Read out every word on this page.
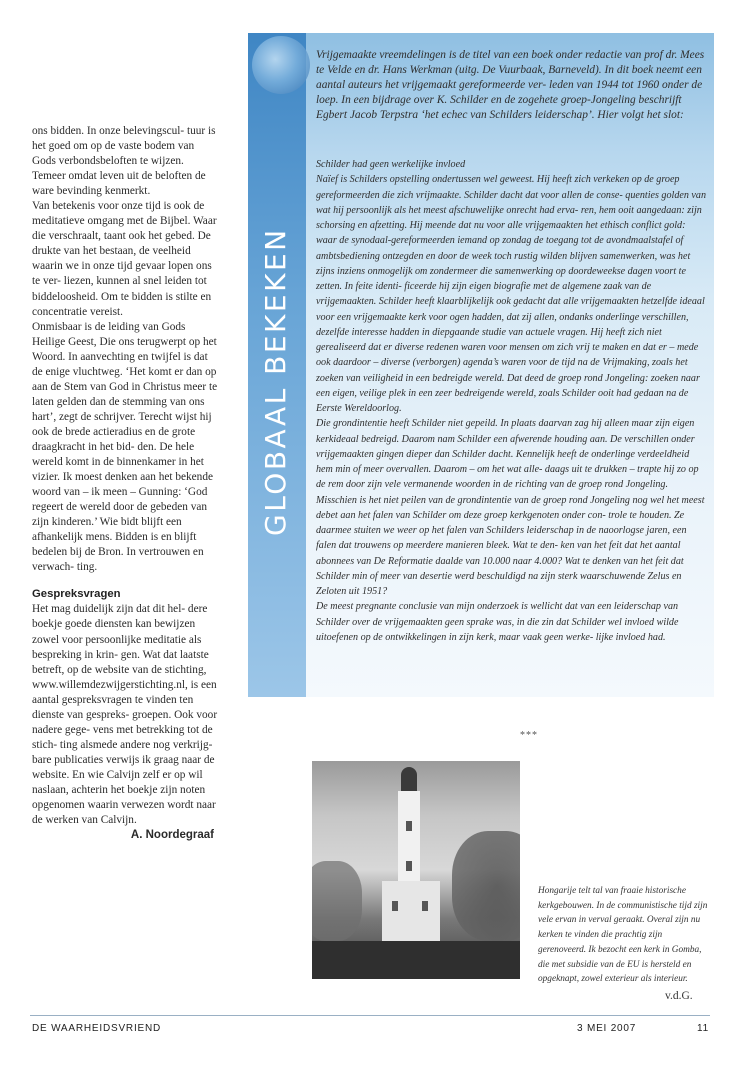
ons bidden. In onze belevingscul- tuur is het goed om op de vaste bodem van Gods verbondsbeloften te wijzen. Temeer omdat leven uit de beloften de ware bevinding kenmerkt.

Van betekenis voor onze tijd is ook de meditatieve omgang met de Bijbel. Waar die verschraalt, taant ook het gebed. De drukte van het bestaan, de veelheid waarin we in onze tijd gevaar lopen ons te ver- liezen, kunnen al snel leiden tot biddeloosheid. Om te bidden is stilte en concentratie vereist.

Onmisbaar is de leiding van Gods Heilige Geest, Die ons terugwerpt op het Woord. In aanvechting en twijfel is dat de enige vluchtweg. ‘Het komt er dan op aan de Stem van God in Christus meer te laten gelden dan de stemming van ons hart’, zegt de schrijver. Terecht wijst hij ook de brede actieradius en de grote draagkracht in het bid- den. De hele wereld komt in de binnenkamer in het vizier. Ik moest denken aan het bekende woord van – ik meen – Gunning: ‘God regeert de wereld door de gebeden van zijn kinderen.’ Wie bidt blijft een afhankelijk mens. Bidden is en blijft bedelen bij de Bron. In vertrouwen en verwach- ting.

Gespreksvragen

Het mag duidelijk zijn dat dit hel- dere boekje goede diensten kan bewijzen zowel voor persoonlijke meditatie als bespreking in krin- gen. Wat dat laatste betreft, op de website van de stichting, www.willemdezwijgerstichting.nl, is een aantal gespreksvragen te vinden ten dienste van gespreks- groepen. Ook voor nadere gege- vens met betrekking tot de stich- ting alsmede andere nog verkrijg- bare publicaties verwijs ik graag naar de website. En wie Calvijn zelf er op wil naslaan, achterin het boekje zijn noten opgenomen waarin verwezen wordt naar de werken van Calvijn.

A. Noordegraaf

GLOBAAL BEKEKEN

Vrijgemaakte vreemdelingen is de titel van een boek onder redactie van prof dr. Mees te Velde en dr. Hans Werkman (uitg. De Vuurbaak, Barneveld). In dit boek neemt een aantal auteurs het vrijgemaakt gereformeerde ver- leden van 1944 tot 1960 onder de loep. In een bijdrage over K. Schilder en de zogehete groep-Jongeling beschrijft Egbert Jacob Terpstra ‘het echec van Schilders leiderschap’. Hier volgt het slot:

Schilder had geen werkelijke invloed

Naïef is Schilders opstelling ondertussen wel geweest. Hij heeft zich verkeken op de groep gereformeerden die zich vrijmaakte. Schilder dacht dat voor allen de conse- quenties golden van wat hij persoonlijk als het meest afschuwelijke onrecht had erva- ren, hem ooit aangedaan: zijn schorsing en afzetting. Hij meende dat nu voor alle vrijgemaakten het ethisch conflict gold: waar de synodaal-gereformeerden iemand op zondag de toegang tot de avondmaalstafel of ambtsbediening ontzegden en door de week toch rustig wilden blijven samenwerken, was het zijns inziens onmogelijk om zondermeer die samenwerking op doordeweekse dagen voort te zetten. In feite identi- ficeerde hij zijn eigen biografie met de algemene zaak van de vrijgemaakten. Schilder heeft klaarblijkelijk ook gedacht dat alle vrijgemaakten hetzelfde ideaal voor een vrijgemaakte kerk voor ogen hadden, dat zij allen, ondanks onderlinge verschillen, dezelfde interesse hadden in diepgaande studie van actuele vragen. Hij heeft zich niet gerealiseerd dat er diverse redenen waren voor mensen om zich vrij te maken en dat er – mede ook daardoor – diverse (verborgen) agenda’s waren voor de tijd na de Vrijmaking, zoals het zoeken van veiligheid in een bedreigde wereld. Dat deed de groep rond Jongeling: zoeken naar een eigen, veilige plek in een zeer bedreigende wereld, zoals Schilder ooit had gedaan na de Eerste Wereldoorlog.

Die grondintentie heeft Schilder niet gepeild. In plaats daarvan zag hij alleen maar zijn eigen kerkideaal bedreigd. Daarom nam Schilder een afwerende houding aan. De verschillen onder vrijgemaakten gingen dieper dan Schilder dacht. Kennelijk heeft de onderlinge verdeeldheid hem min of meer overvallen. Daarom – om het wat alle- daags uit te drukken – trapte hij zo op de rem door zijn vele vermanende woorden in de richting van de groep rond Jongeling.

Misschien is het niet peilen van de grondintentie van de groep rond Jongeling nog wel het meest debet aan het falen van Schilder om deze groep kerkgenoten onder con- trole te houden. Ze daarmee stuiten we weer op het falen van Schilders leiderschap in de naoorlogse jaren, een falen dat trouwens op meerdere manieren bleek. Wat te den- ken van het feit dat het aantal abonnees van De Reformatie daalde van 10.000 naar 4.000? Wat te denken van het feit dat Schilder min of meer van desertie werd beschuldigd na zijn sterk waarschuwende Zelus en Zeloten uit 1951?

De meest pregnante conclusie van mijn onderzoek is wellicht dat van een leiderschap van Schilder over de vrijgemaakten geen sprake was, in die zin dat Schilder wel invloed wilde uitoefenen op de ontwikkelingen in zijn kerk, maar vaak geen werke- lijke invloed had.

***

Hongarije telt tal van fraaie historische kerkgebouwen. In de communistische tijd zijn vele ervan in verval geraakt. Overal zijn nu kerken te vinden die prachtig zijn gerenoveerd. Ik bezocht een kerk in Gomba, die met subsidie van de EU is hersteld en opgeknapt, zowel exterieur als interieur.

v.d.G.
DE WAARHEIDSVRIEND	3 MEI 2007	11
